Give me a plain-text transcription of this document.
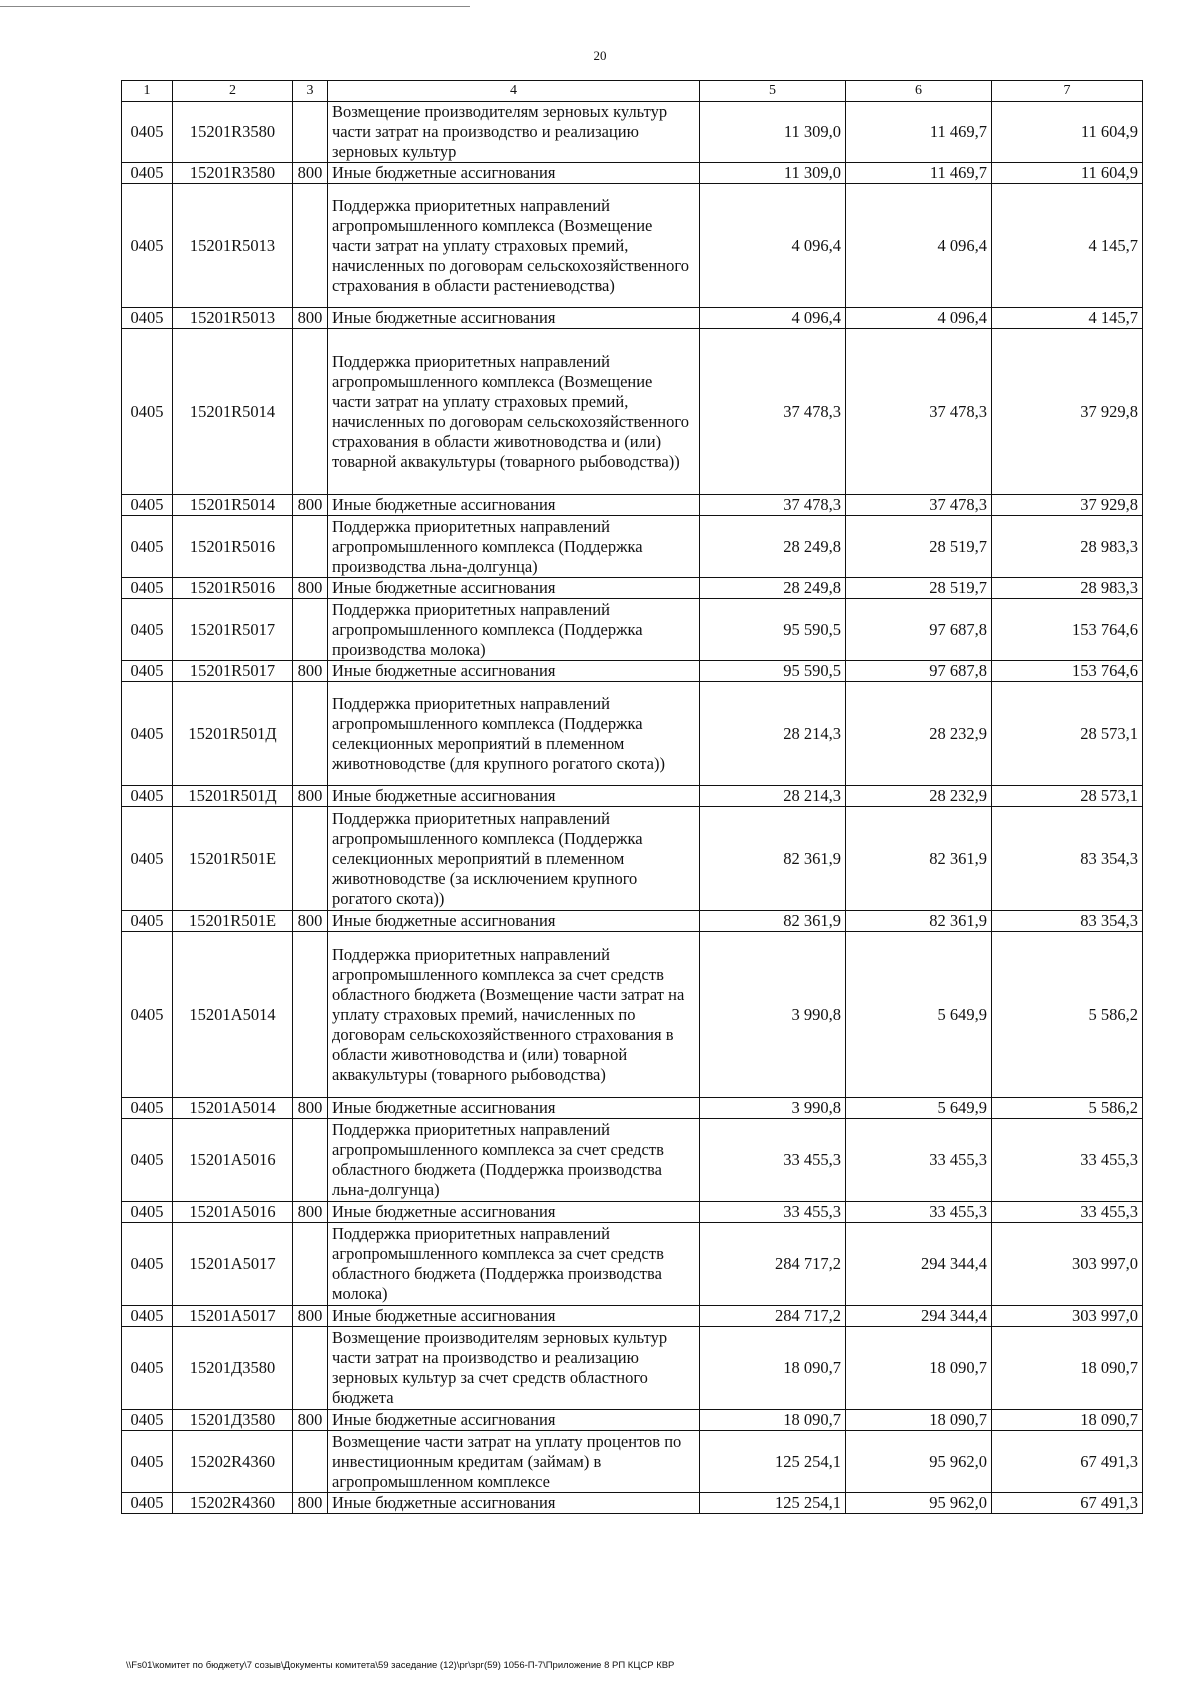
20
1	2	3	4	5	6	7
0405	15201R3580		Возмещение производителям зерновых культур части затрат на производство и реализацию зерновых культур	11 309,0	11 469,7	11 604,9
0405	15201R3580	800	Иные бюджетные ассигнования	11 309,0	11 469,7	11 604,9
0405	15201R5013		Поддержка приоритетных направлений агропромышленного комплекса (Возмещение части затрат на уплату страховых премий, начисленных по договорам сельскохозяйственного страхования в области растениеводства)	4 096,4	4 096,4	4 145,7
0405	15201R5013	800	Иные бюджетные ассигнования	4 096,4	4 096,4	4 145,7
0405	15201R5014		Поддержка приоритетных направлений агропромышленного комплекса (Возмещение части затрат на уплату страховых премий, начисленных по договорам сельскохозяйственного страхования в области животноводства и (или) товарной аквакультуры (товарного рыбоводства))	37 478,3	37 478,3	37 929,8
0405	15201R5014	800	Иные бюджетные ассигнования	37 478,3	37 478,3	37 929,8
0405	15201R5016		Поддержка приоритетных направлений агропромышленного комплекса (Поддержка производства льна-долгунца)	28 249,8	28 519,7	28 983,3
0405	15201R5016	800	Иные бюджетные ассигнования	28 249,8	28 519,7	28 983,3
0405	15201R5017		Поддержка приоритетных направлений агропромышленного комплекса (Поддержка производства молока)	95 590,5	97 687,8	153 764,6
0405	15201R5017	800	Иные бюджетные ассигнования	95 590,5	97 687,8	153 764,6
0405	15201R501Д		Поддержка приоритетных направлений агропромышленного комплекса (Поддержка селекционных мероприятий в племенном животноводстве (для крупного рогатого скота))	28 214,3	28 232,9	28 573,1
0405	15201R501Д	800	Иные бюджетные ассигнования	28 214,3	28 232,9	28 573,1
0405	15201R501E		Поддержка приоритетных направлений агропромышленного комплекса (Поддержка селекционных мероприятий в племенном животноводстве (за исключением крупного рогатого скота))	82 361,9	82 361,9	83 354,3
0405	15201R501E	800	Иные бюджетные ассигнования	82 361,9	82 361,9	83 354,3
0405	15201A5014		Поддержка приоритетных направлений агропромышленного комплекса за счет средств областного бюджета (Возмещение части затрат на уплату страховых премий, начисленных по договорам сельскохозяйственного страхования в области животноводства и (или) товарной аквакультуры (товарного рыбоводства)	3 990,8	5 649,9	5 586,2
0405	15201A5014	800	Иные бюджетные ассигнования	3 990,8	5 649,9	5 586,2
0405	15201A5016		Поддержка приоритетных направлений агропромышленного комплекса за счет средств областного бюджета (Поддержка производства льна-долгунца)	33 455,3	33 455,3	33 455,3
0405	15201A5016	800	Иные бюджетные ассигнования	33 455,3	33 455,3	33 455,3
0405	15201A5017		Поддержка приоритетных направлений агропромышленного комплекса за счет средств областного бюджета (Поддержка производства молока)	284 717,2	294 344,4	303 997,0
0405	15201A5017	800	Иные бюджетные ассигнования	284 717,2	294 344,4	303 997,0
0405	15201Д3580		Возмещение производителям зерновых культур части затрат на производство и реализацию зерновых культур за счет средств областного бюджета	18 090,7	18 090,7	18 090,7
0405	15201Д3580	800	Иные бюджетные ассигнования	18 090,7	18 090,7	18 090,7
0405	15202R4360		Возмещение части затрат на уплату процентов по инвестиционным кредитам (займам) в агропромышленном комплексе	125 254,1	95 962,0	67 491,3
0405	15202R4360	800	Иные бюджетные ассигнования	125 254,1	95 962,0	67 491,3
\\Fs01\комитет по бюджету\7 созыв\Документы комитета\59 заседание (12)\рг\зрг(59) 1056-П-7\Приложение 8 РП КЦСР КВР
